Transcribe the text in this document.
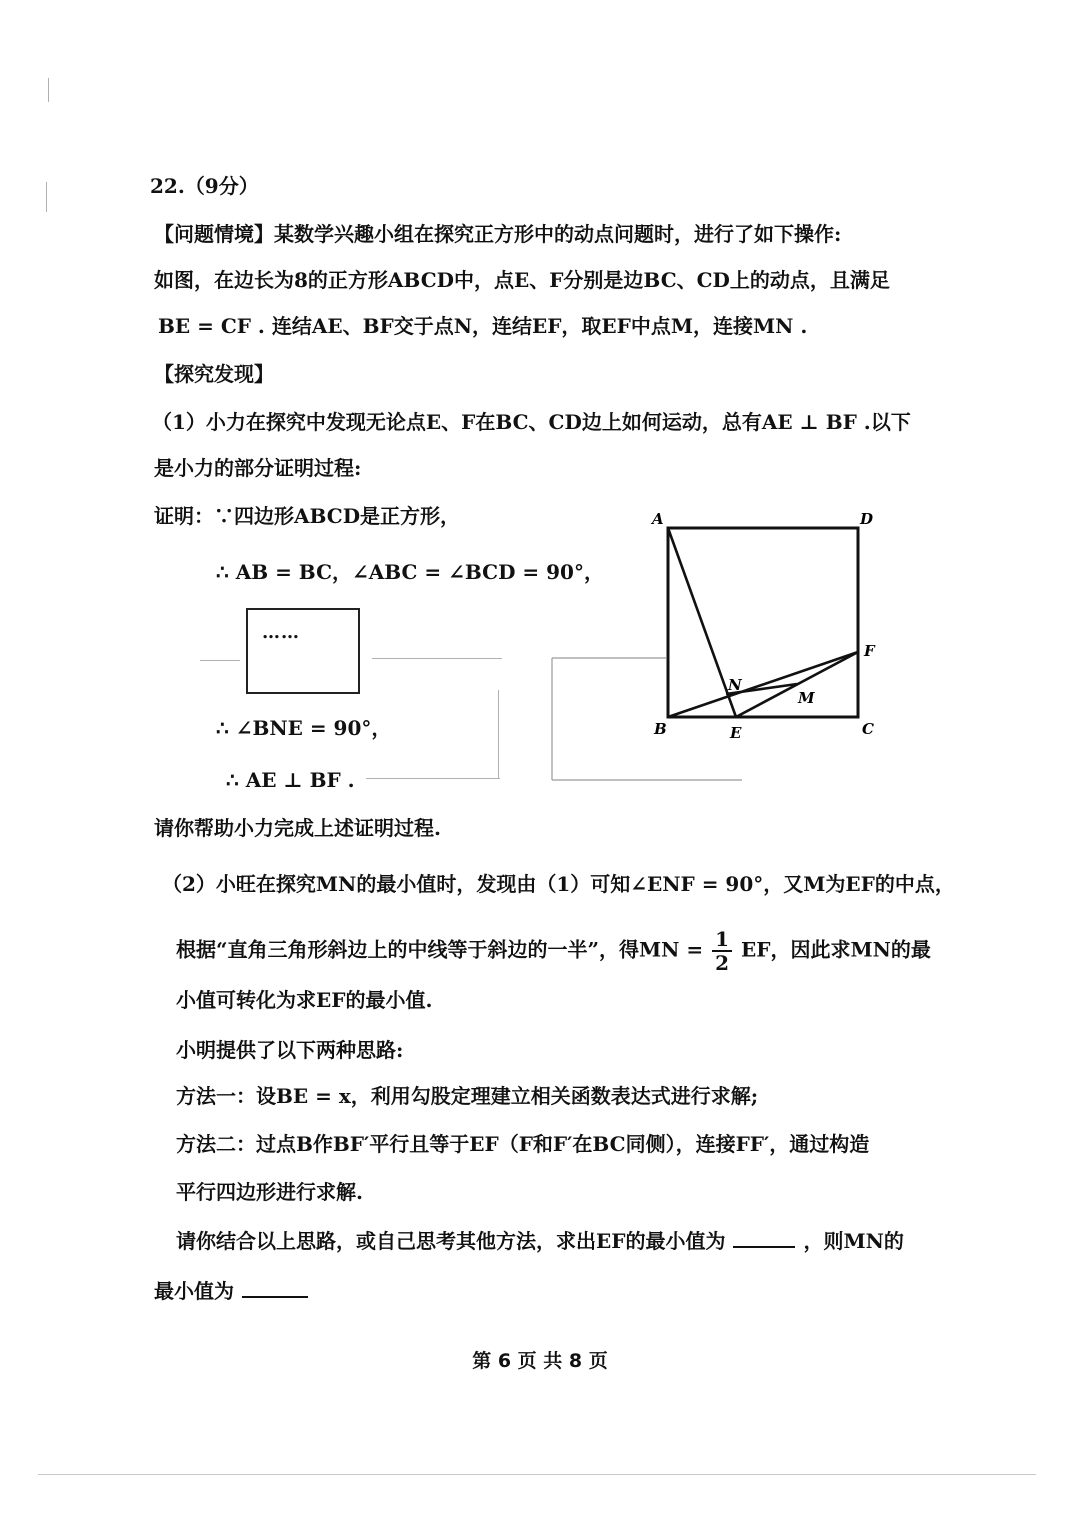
22.（9分）
【问题情境】某数学兴趣小组在探究正方形中的动点问题时，进行了如下操作:
如图，在边长为8的正方形ABCD中，点E、F分别是边BC、CD上的动点，且满足
BE = CF . 连结AE、BF交于点N，连结EF，取EF中点M，连接MN .
【探究发现】
（1）小力在探究中发现无论点E、F在BC、CD边上如何运动，总有AE ⊥ BF .以下
是小力的部分证明过程:
证明：∵四边形ABCD是正方形，
∴ AB = BC，∠ABC = ∠BCD = 90°，
……
∴ ∠BNE = 90°，
∴ AE ⊥ BF .
请你帮助小力完成上述证明过程.
（2）小旺在探究MN的最小值时，发现由（1）可知∠ENF = 90°，又M为EF的中点，
根据“直角三角形斜边上的中线等于斜边的一半”，得MN = $\frac{1}{2}$ EF，因此求MN的最
小值可转化为求EF的最小值.
小明提供了以下两种思路:
方法一：设BE = x，利用勾股定理建立相关函数表达式进行求解;
方法二：过点B作BF′平行且等于EF（F和F′在BC同侧），连接FF′，通过构造
平行四边形进行求解.
请你结合以上思路，或自己思考其他方法，求出EF的最小值为	，则MN的
最小值为
A	D
F
N
M
B	E	C
第 6 页 共 8 页
